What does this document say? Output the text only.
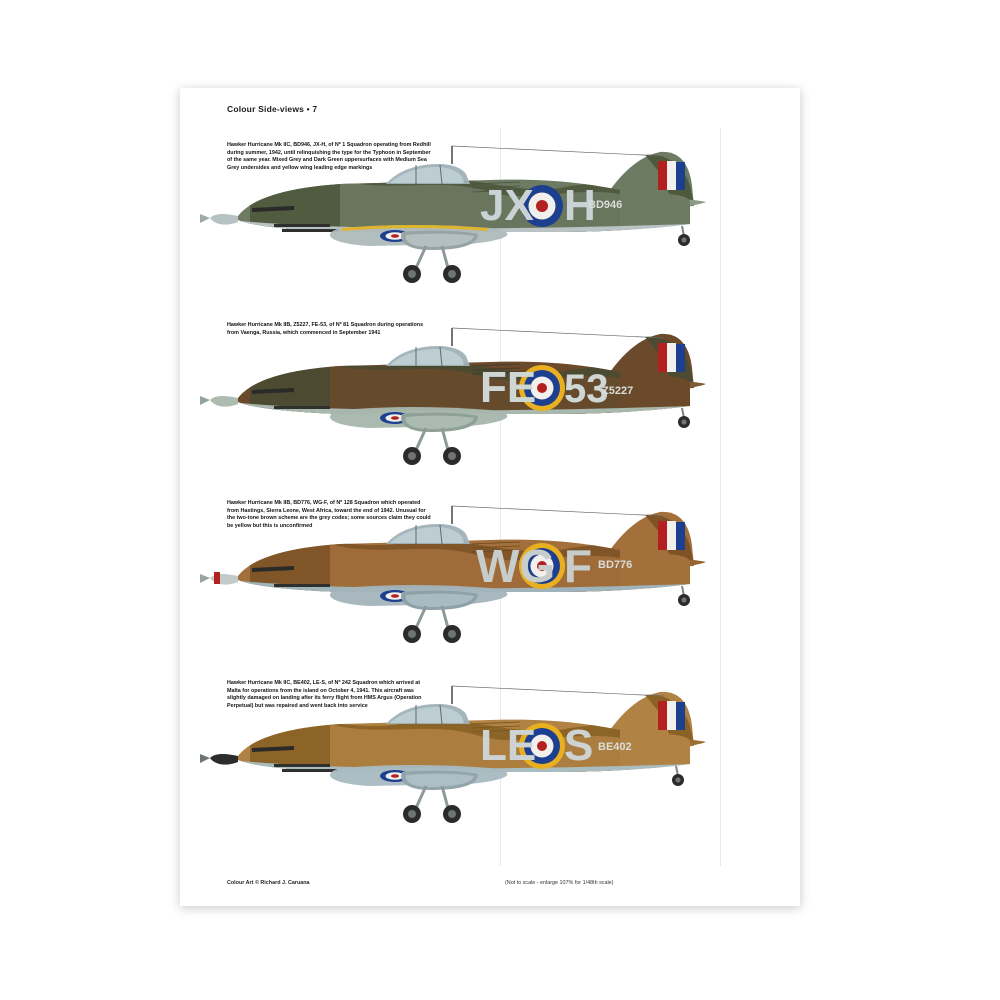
Colour Side-views • 7
Hawker Hurricane Mk IIC, BD946, JX-H, of Nº 1 Squadron operating from Redhill during summer, 1942, until relinquishing the type for the Typhoon in September of the same year. Mixed Grey and Dark Green uppersurfaces with Medium Sea Grey undersides and yellow wing leading edge markings
JX H
BD946
Hawker Hurricane Mk IIB, Z5227, FE-53, of Nº 81 Squadron during operations from Vaenga, Russia, which commenced in September 1941
FE 53
Z5227
Hawker Hurricane Mk IIB, BD776, WG-F, of Nº 128 Squadron which operated from Hastings, Sierra Leone, West Africa, toward the end of 1942. Unusual for the two-tone brown scheme are the grey codes; some sources claim they could be yellow but this is unconfirmed
WG F BD776
Hawker Hurricane Mk IIC, BE402, LE-S, of Nº 242 Squadron which arrived at Malta for operations from the island on October 4, 1941. This aircraft was slightly damaged on landing after its ferry flight from HMS Argus (Operation Perpetual) but was repaired and went back into service
LE S BE402
Colour Art © Richard J. Caruana	(Not to scale - enlarge 107% for 1/48th scale)
